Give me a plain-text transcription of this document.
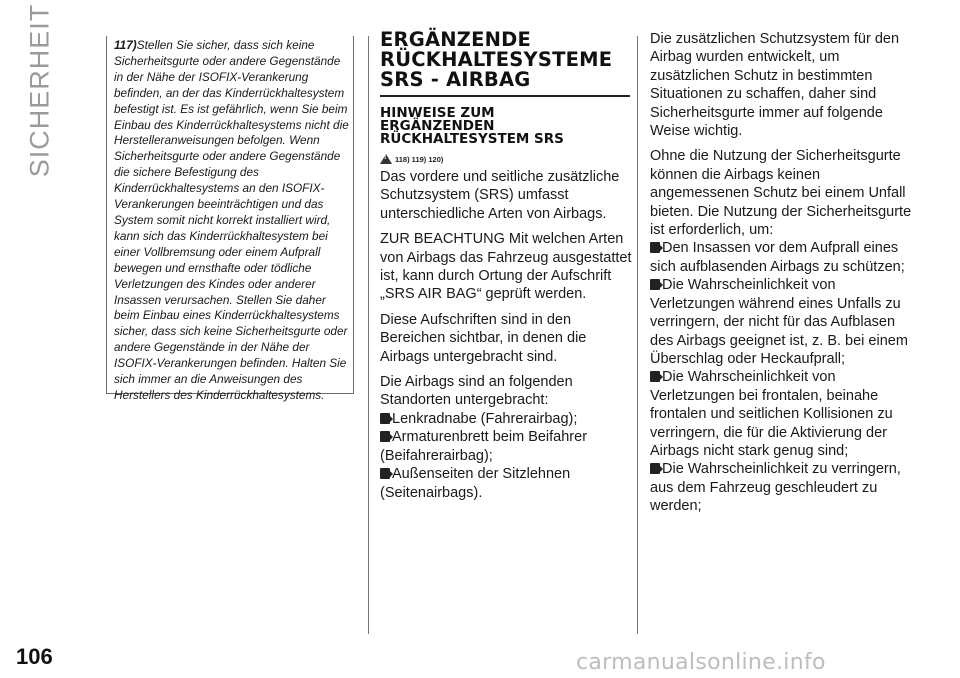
SICHERHEIT
106

117)Stellen Sie sicher, dass sich keine Sicherheitsgurte oder andere Gegenstände in der Nähe der ISOFIX-Verankerung befinden, an der das Kinderrückhaltesystem befestigt ist. Es ist gefährlich, wenn Sie beim Einbau des Kinderrückhaltesystems nicht die Herstelleranweisungen befolgen. Wenn Sicherheitsgurte oder andere Gegenstände die sichere Befestigung des Kinderrückhaltesystems an den ISOFIX-Verankerungen beeinträchtigen und das System somit nicht korrekt installiert wird, kann sich das Kinderrückhaltesystem bei einer Vollbremsung oder einem Aufprall bewegen und ernsthafte oder tödliche Verletzungen des Kindes oder anderer Insassen verursachen. Stellen Sie daher beim Einbau eines Kinderrückhaltesystems sicher, dass sich keine Sicherheitsgurte oder andere Gegenstände in der Nähe der ISOFIX-Verankerungen befinden. Halten Sie sich immer an die Anweisungen des Herstellers des Kinderrückhaltesystems.

ERGÄNZENDE
RÜCKHALTESYSTEME
SRS - AIRBAG
HINWEISE ZUM
ERGÄNZENDEN
RÜCKHALTESYSTEM SRS
!
118) 119) 120)

Das vordere und seitliche zusätzliche Schutzsystem (SRS) umfasst unterschiedliche Arten von Airbags.

ZUR BEACHTUNG Mit welchen Arten von Airbags das Fahrzeug ausgestattet ist, kann durch Ortung der Aufschrift „SRS AIR BAG“ geprüft werden.

Diese Aufschriften sind in den Bereichen sichtbar, in denen die Airbags untergebracht sind.

Die Airbags sind an folgenden Standorten untergebracht:

Lenkradnabe (Fahrerairbag);

Armaturenbrett beim Beifahrer (Beifahrerairbag);

Außenseiten der Sitzlehnen (Seitenairbags).

Die zusätzlichen Schutzsystem für den Airbag wurden entwickelt, um zusätzlichen Schutz in bestimmten Situationen zu schaffen, daher sind Sicherheitsgurte immer auf folgende Weise wichtig.

Ohne die Nutzung der Sicherheitsgurte können die Airbags keinen angemessenen Schutz bei einem Unfall bieten. Die Nutzung der Sicherheitsgurte ist erforderlich, um:

Den Insassen vor dem Aufprall eines sich aufblasenden Airbags zu schützen;

Die Wahrscheinlichkeit von Verletzungen während eines Unfalls zu verringern, der nicht für das Aufblasen des Airbags geeignet ist, z. B. bei einem Überschlag oder Heckaufprall;

Die Wahrscheinlichkeit von Verletzungen bei frontalen, beinahe frontalen und seitlichen Kollisionen zu verringern, die für die Aktivierung der Airbags nicht stark genug sind;

Die Wahrscheinlichkeit zu verringern, aus dem Fahrzeug geschleudert zu werden;

carmanualsonline.info
